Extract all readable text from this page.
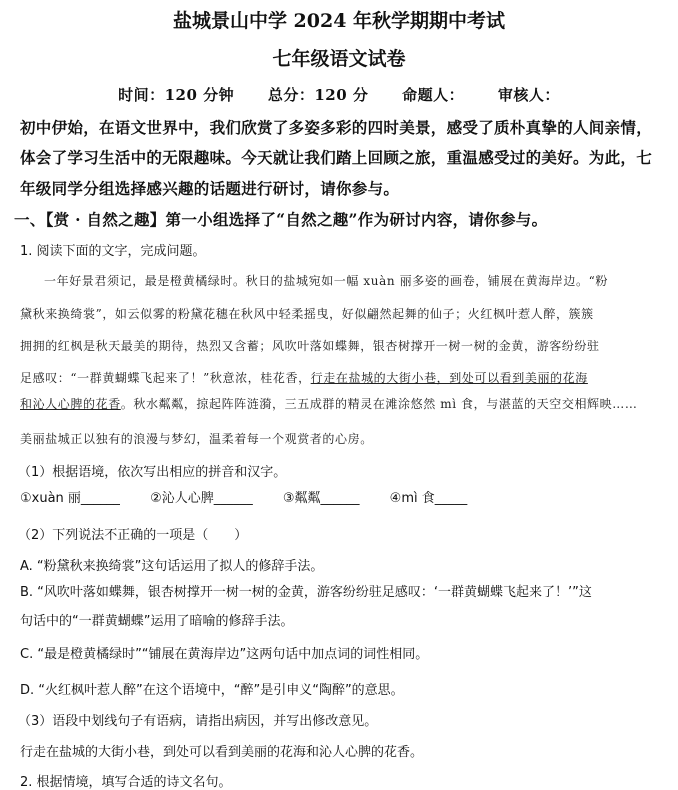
盐城景山中学 2024 年秋学期期中考试
七年级语文试卷
时间：120 分钟 总分：120 分 命题人： 审核人：
初中伊始，在语文世界中，我们欣赏了多姿多彩的四时美景，感受了质朴真挚的人间亲情，
体会了学习生活中的无限趣味。今天就让我们踏上回顾之旅，重温感受过的美好。为此，七
年级同学分组选择感兴趣的话题进行研讨，请你参与。
一、【赏 · 自然之趣】第一小组选择了“自然之趣”作为研讨内容，请你参与。
1. 阅读下面的文字，完成问题。
一年好景君须记，最是橙黄橘绿时。秋日的盐城宛如一幅 xuàn 丽多姿的画卷，铺展在黄海岸边。“粉
黛秋来换绮裳”，如云似雾的粉黛花穗在秋风中轻柔摇曳，好似翩然起舞的仙子；火红枫叶惹人醉，簇簇
拥拥的红枫是秋天最美的期待，热烈又含蓄；风吹叶落如蝶舞，银杏树撑开一树一树的金黄，游客纷纷驻
足感叹：“一群黄蝴蝶飞起来了！”秋意浓，桂花香，行走在盐城的大街小巷，到处可以看到美丽的花海
和沁人心脾的花香。秋水粼粼，掠起阵阵涟漪，三五成群的精灵在滩涂悠然 mì 食，与湛蓝的天空交相辉映……
美丽盐城正以独有的浪漫与梦幻，温柔着每一个观赏者的心房。
（1）根据语境，依次写出相应的拼音和汉字。
①xuàn 丽______ ②沁人心脾______ ③粼粼______ ④mì 食_____
（2）下列说法不正确的一项是（　　）
A. “粉黛秋来换绮裳”这句话运用了拟人的修辞手法。
B. “风吹叶落如蝶舞，银杏树撑开一树一树的金黄，游客纷纷驻足感叹：‘一群黄蝴蝶飞起来了！’”这
句话中的“一群黄蝴蝶”运用了暗喻的修辞手法。
C. “最是橙黄橘绿时”“铺展在黄海岸边”这两句话中加点词的词性相同。
D. “火红枫叶惹人醉”在这个语境中，“醉”是引申义“陶醉”的意思。
（3）语段中划线句子有语病，请指出病因，并写出修改意见。
行走在盐城的大街小巷，到处可以看到美丽的花海和沁人心脾的花香。
2. 根据情境，填写合适的诗文名句。
